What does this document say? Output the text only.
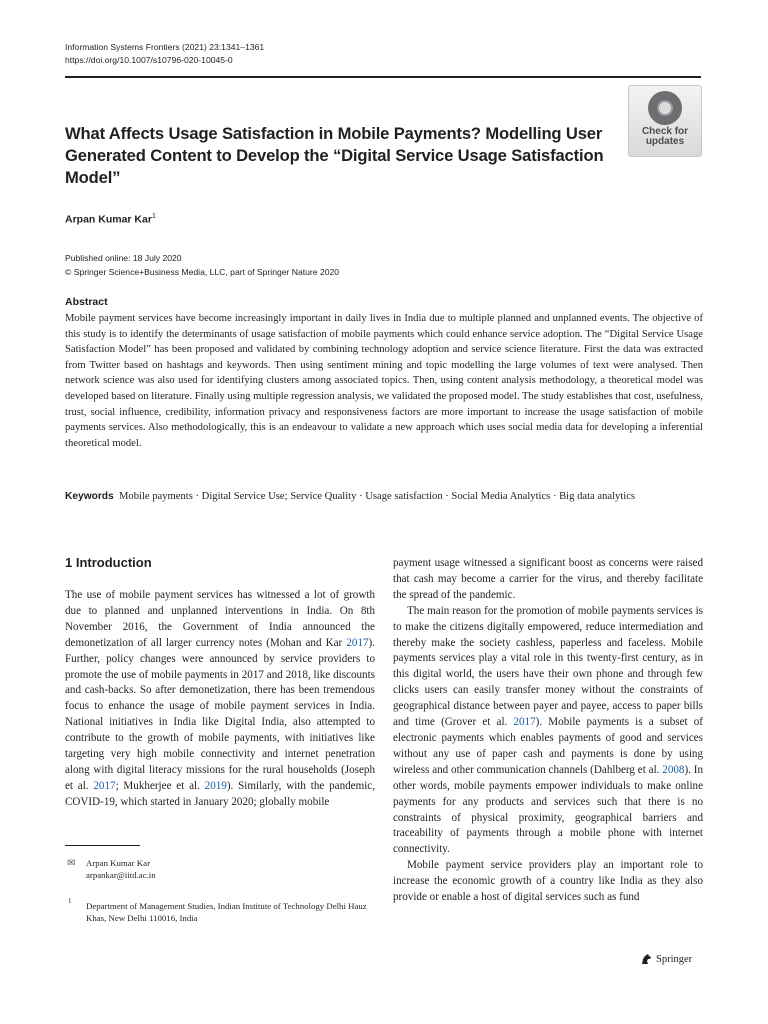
Information Systems Frontiers (2021) 23:1341–1361
https://doi.org/10.1007/s10796-020-10045-0
What Affects Usage Satisfaction in Mobile Payments? Modelling User Generated Content to Develop the “Digital Service Usage Satisfaction Model”
Check for
updates
Arpan Kumar Kar$^1$
Published online: 18 July 2020
© Springer Science+Business Media, LLC, part of Springer Nature 2020
Abstract
Mobile payment services have become increasingly important in daily lives in India due to multiple planned and unplanned events. The objective of this study is to identify the determinants of usage satisfaction of mobile payments which could enhance service adoption. The “Digital Service Usage Satisfaction Model” has been proposed and validated by combining technology adoption and service science literature. First the data was extracted from Twitter based on hashtags and keywords. Then using sentiment mining and topic modelling the large volumes of text were analysed. Then network science was also used for identifying clusters among associated topics. Then, using content analysis methodology, a theoretical model was developed based on literature. Finally using multiple regression analysis, we validated the proposed model. The study establishes that cost, usefulness, trust, social influence, credibility, information privacy and responsiveness factors are more important to increase the usage satisfaction of mobile payments services. Also methodologically, this is an endeavour to validate a new approach which uses social media data for developing a inferential theoretical model.
Keywords Mobile payments · Digital Service Use; Service Quality · Usage satisfaction · Social Media Analytics · Big data analytics
1 Introduction

The use of mobile payment services has witnessed a lot of growth due to planned and unplanned interventions in India. On 8th November 2016, the Government of India announced the demonetization of all larger currency notes (Mohan and Kar 2017). Further, policy changes were announced by service providers to promote the use of mobile payments in 2017 and 2018, like discounts and cash-backs. So after demonetization, there has been tremendous focus to enhance the usage of mobile payment services in India. National initiatives in India like Digital India, also attempted to contribute to the growth of mobile payments, with initiatives like targeting very high mobile connectivity and internet penetration along with digital literacy missions for the rural households (Joseph et al. 2017; Mukherjee et al. 2019). Similarly, with the pandemic, COVID-19, which started in January 2020; globally mobile

payment usage witnessed a significant boost as concerns were raised that cash may become a carrier for the virus, and thereby facilitate the spread of the pandemic.

The main reason for the promotion of mobile payments services is to make the citizens digitally empowered, reduce intermediation and thereby make the society cashless, paperless and faceless. Mobile payments services play a vital role in this twenty-first century, as in this digital world, the users have their own phone and through few clicks users can easily transfer money without the constraints of geographical distance between payer and payee, access to paper bills and time (Grover et al. 2017). Mobile payments is a subset of electronic payments which enables payments of good and services without any use of paper cash and payments is done by using wireless and other communication channels (Dahlberg et al. 2008). In other words, mobile payments empower individuals to make online payments for any products and services such that there is no constraints of physical proximity, geographical barriers and traceability of payments through a mobile phone with internet connectivity.

Mobile payment service providers play an important role to increase the economic growth of a country like India as they also provide or enable a host of digital services such as fund

✉ Arpan Kumar Kar
arpankar@iitd.ac.in
1 Department of Management Studies, Indian Institute of Technology Delhi Hauz Khas, New Delhi 110016, India
Springer
